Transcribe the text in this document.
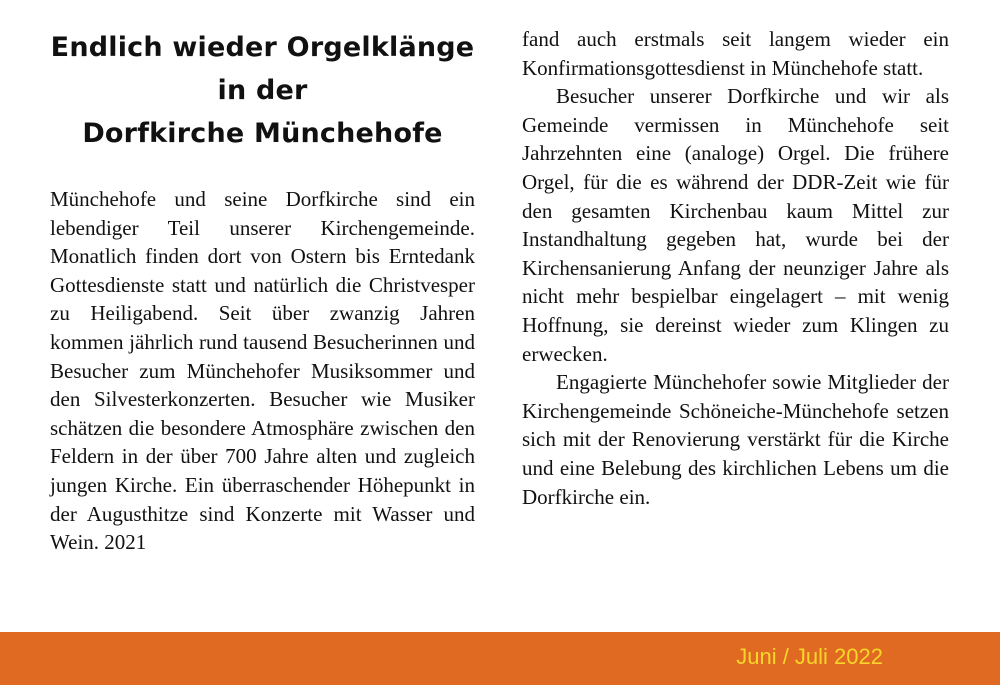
Endlich wieder Orgelklänge
in der
Dorfkirche Münchehofe

Münchehofe und seine Dorfkirche sind ein lebendiger Teil unserer Kirchengemeinde. Monatlich finden dort von Ostern bis Erntedank Gottesdienste statt und natürlich die Christvesper zu Heiligabend. Seit über zwanzig Jahren kommen jährlich rund tausend Besucherinnen und Besucher zum Münchehofer Musiksommer und den Silvesterkonzerten. Besucher wie Musiker schätzen die besondere Atmosphäre zwischen den Feldern in der über 700 Jahre alten und zugleich jungen Kirche. Ein überraschender Höhepunkt in der Augusthitze sind Konzerte mit Wasser und Wein. 2021

fand auch erstmals seit langem wieder ein Konfirmationsgottesdienst in Münchehofe statt.

Besucher unserer Dorfkirche und wir als Gemeinde vermissen in Münchehofe seit Jahrzehnten eine (analoge) Orgel. Die frühere Orgel, für die es während der DDR-Zeit wie für den gesamten Kirchenbau kaum Mittel zur Instandhaltung gegeben hat, wurde bei der Kirchensanierung Anfang der neunziger Jahre als nicht mehr bespielbar eingelagert – mit wenig Hoffnung, sie dereinst wieder zum Klingen zu erwecken.

Engagierte Münchehofer sowie Mitglieder der Kirchengemeinde Schöneiche-Münchehofe setzen sich mit der Renovierung verstärkt für die Kirche und eine Belebung des kirchlichen Lebens um die Dorfkirche ein.

Juni / Juli 2022
